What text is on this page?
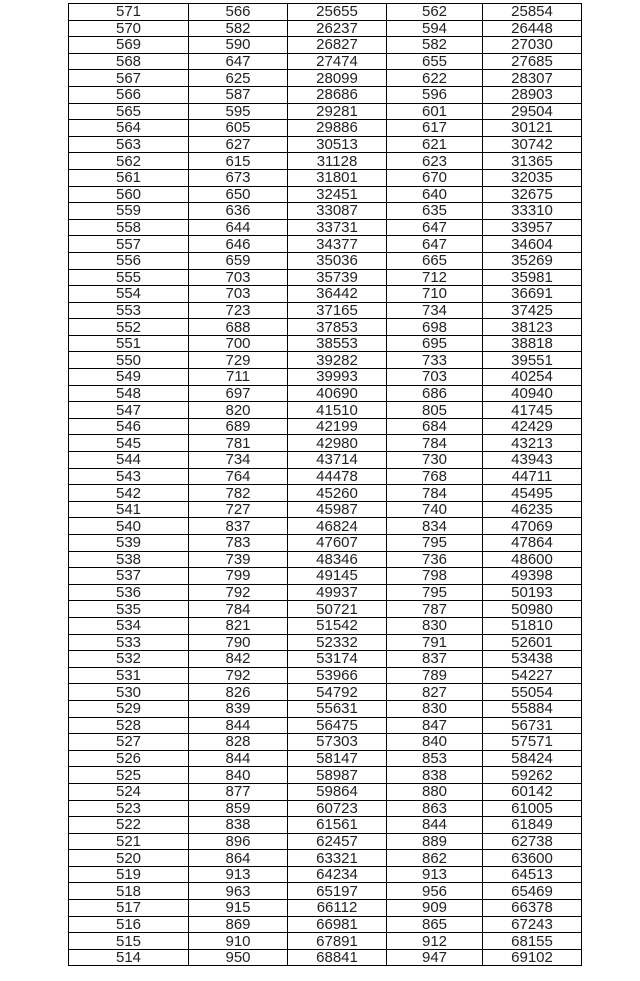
571	566	25655	562	25854
570	582	26237	594	26448
569	590	26827	582	27030
568	647	27474	655	27685
567	625	28099	622	28307
566	587	28686	596	28903
565	595	29281	601	29504
564	605	29886	617	30121
563	627	30513	621	30742
562	615	31128	623	31365
561	673	31801	670	32035
560	650	32451	640	32675
559	636	33087	635	33310
558	644	33731	647	33957
557	646	34377	647	34604
556	659	35036	665	35269
555	703	35739	712	35981
554	703	36442	710	36691
553	723	37165	734	37425
552	688	37853	698	38123
551	700	38553	695	38818
550	729	39282	733	39551
549	711	39993	703	40254
548	697	40690	686	40940
547	820	41510	805	41745
546	689	42199	684	42429
545	781	42980	784	43213
544	734	43714	730	43943
543	764	44478	768	44711
542	782	45260	784	45495
541	727	45987	740	46235
540	837	46824	834	47069
539	783	47607	795	47864
538	739	48346	736	48600
537	799	49145	798	49398
536	792	49937	795	50193
535	784	50721	787	50980
534	821	51542	830	51810
533	790	52332	791	52601
532	842	53174	837	53438
531	792	53966	789	54227
530	826	54792	827	55054
529	839	55631	830	55884
528	844	56475	847	56731
527	828	57303	840	57571
526	844	58147	853	58424
525	840	58987	838	59262
524	877	59864	880	60142
523	859	60723	863	61005
522	838	61561	844	61849
521	896	62457	889	62738
520	864	63321	862	63600
519	913	64234	913	64513
518	963	65197	956	65469
517	915	66112	909	66378
516	869	66981	865	67243
515	910	67891	912	68155
514	950	68841	947	69102
